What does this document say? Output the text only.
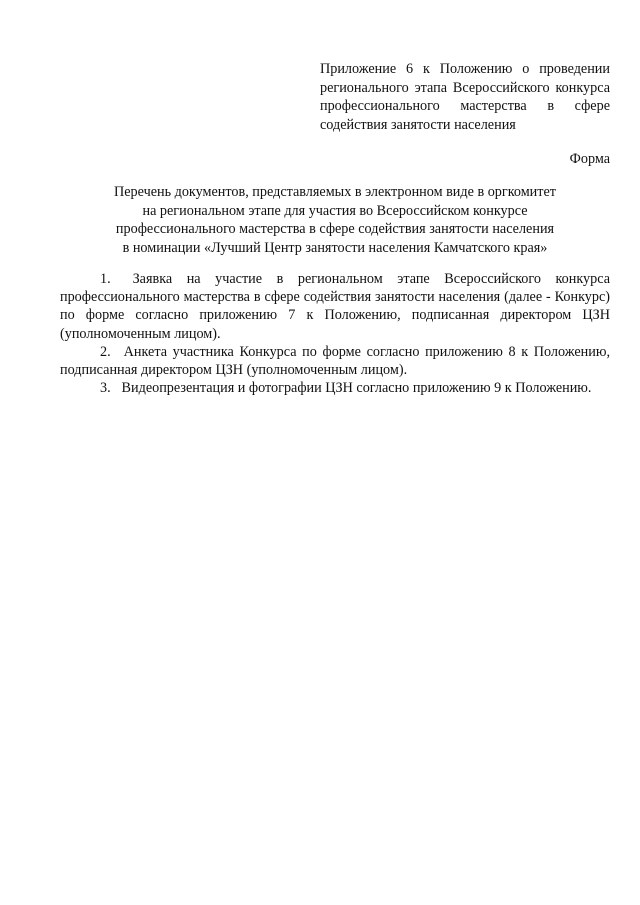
Приложение 6 к Положению о проведении регионального этапа Всероссийского конкурса профессионального мастерства в сфере содействия занятости населения
Форма
Перечень документов, представляемых в электронном виде в оргкомитет
на региональном этапе для участия во Всероссийском конкурсе
профессионального мастерства в сфере содействия занятости населения
в номинации «Лучший Центр занятости населения Камчатского края»

1. Заявка на участие в региональном этапе Всероссийского конкурса профессионального мастерства в сфере содействия занятости населения (далее - Конкурс) по форме согласно приложению 7 к Положению, подписанная директором ЦЗН (уполномоченным лицом).

2. Анкета участника Конкурса по форме согласно приложению 8 к Положению, подписанная директором ЦЗН (уполномоченным лицом).

3. Видеопрезентация и фотографии ЦЗН согласно приложению 9 к Положению.
